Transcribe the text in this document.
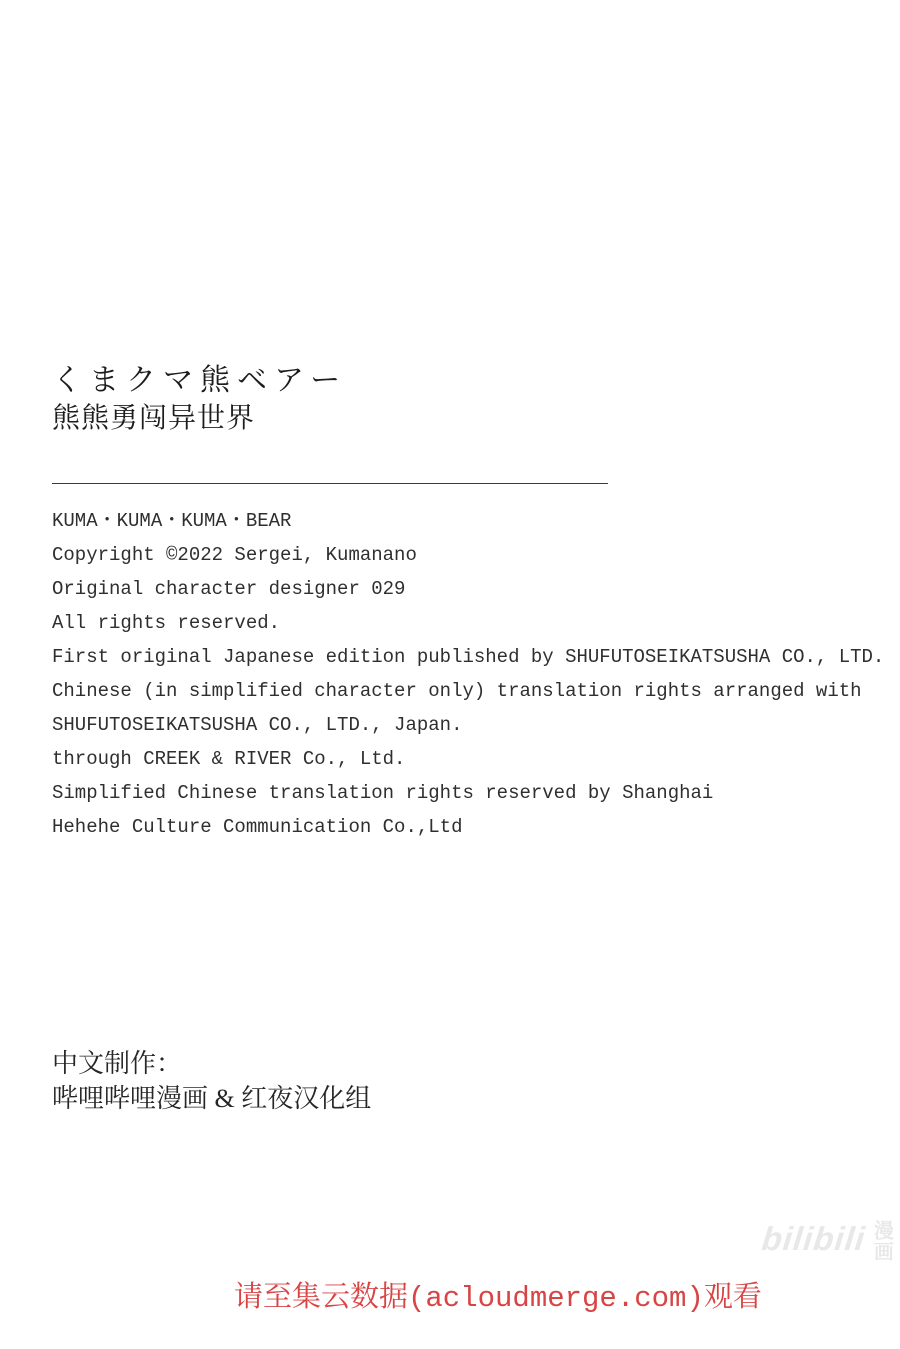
くまクマ熊ベアー
熊熊勇闯异世界
KUMA・KUMA・KUMA・BEAR
Copyright ©2022 Sergei, Kumanano
Original character designer 029
All rights reserved.
First original Japanese edition published by SHUFUTOSEIKATSUSHA CO., LTD.
Chinese (in simplified character only) translation rights arranged with
SHUFUTOSEIKATSUSHA CO., LTD., Japan.
through CREEK & RIVER Co., Ltd.
Simplified Chinese translation rights reserved by Shanghai
Hehehe Culture Communication Co.,Ltd
中文制作：
哔哩哔哩漫画 & 红夜汉化组
bilibili 漫画
请至集云数据(acloudmerge.com)观看
